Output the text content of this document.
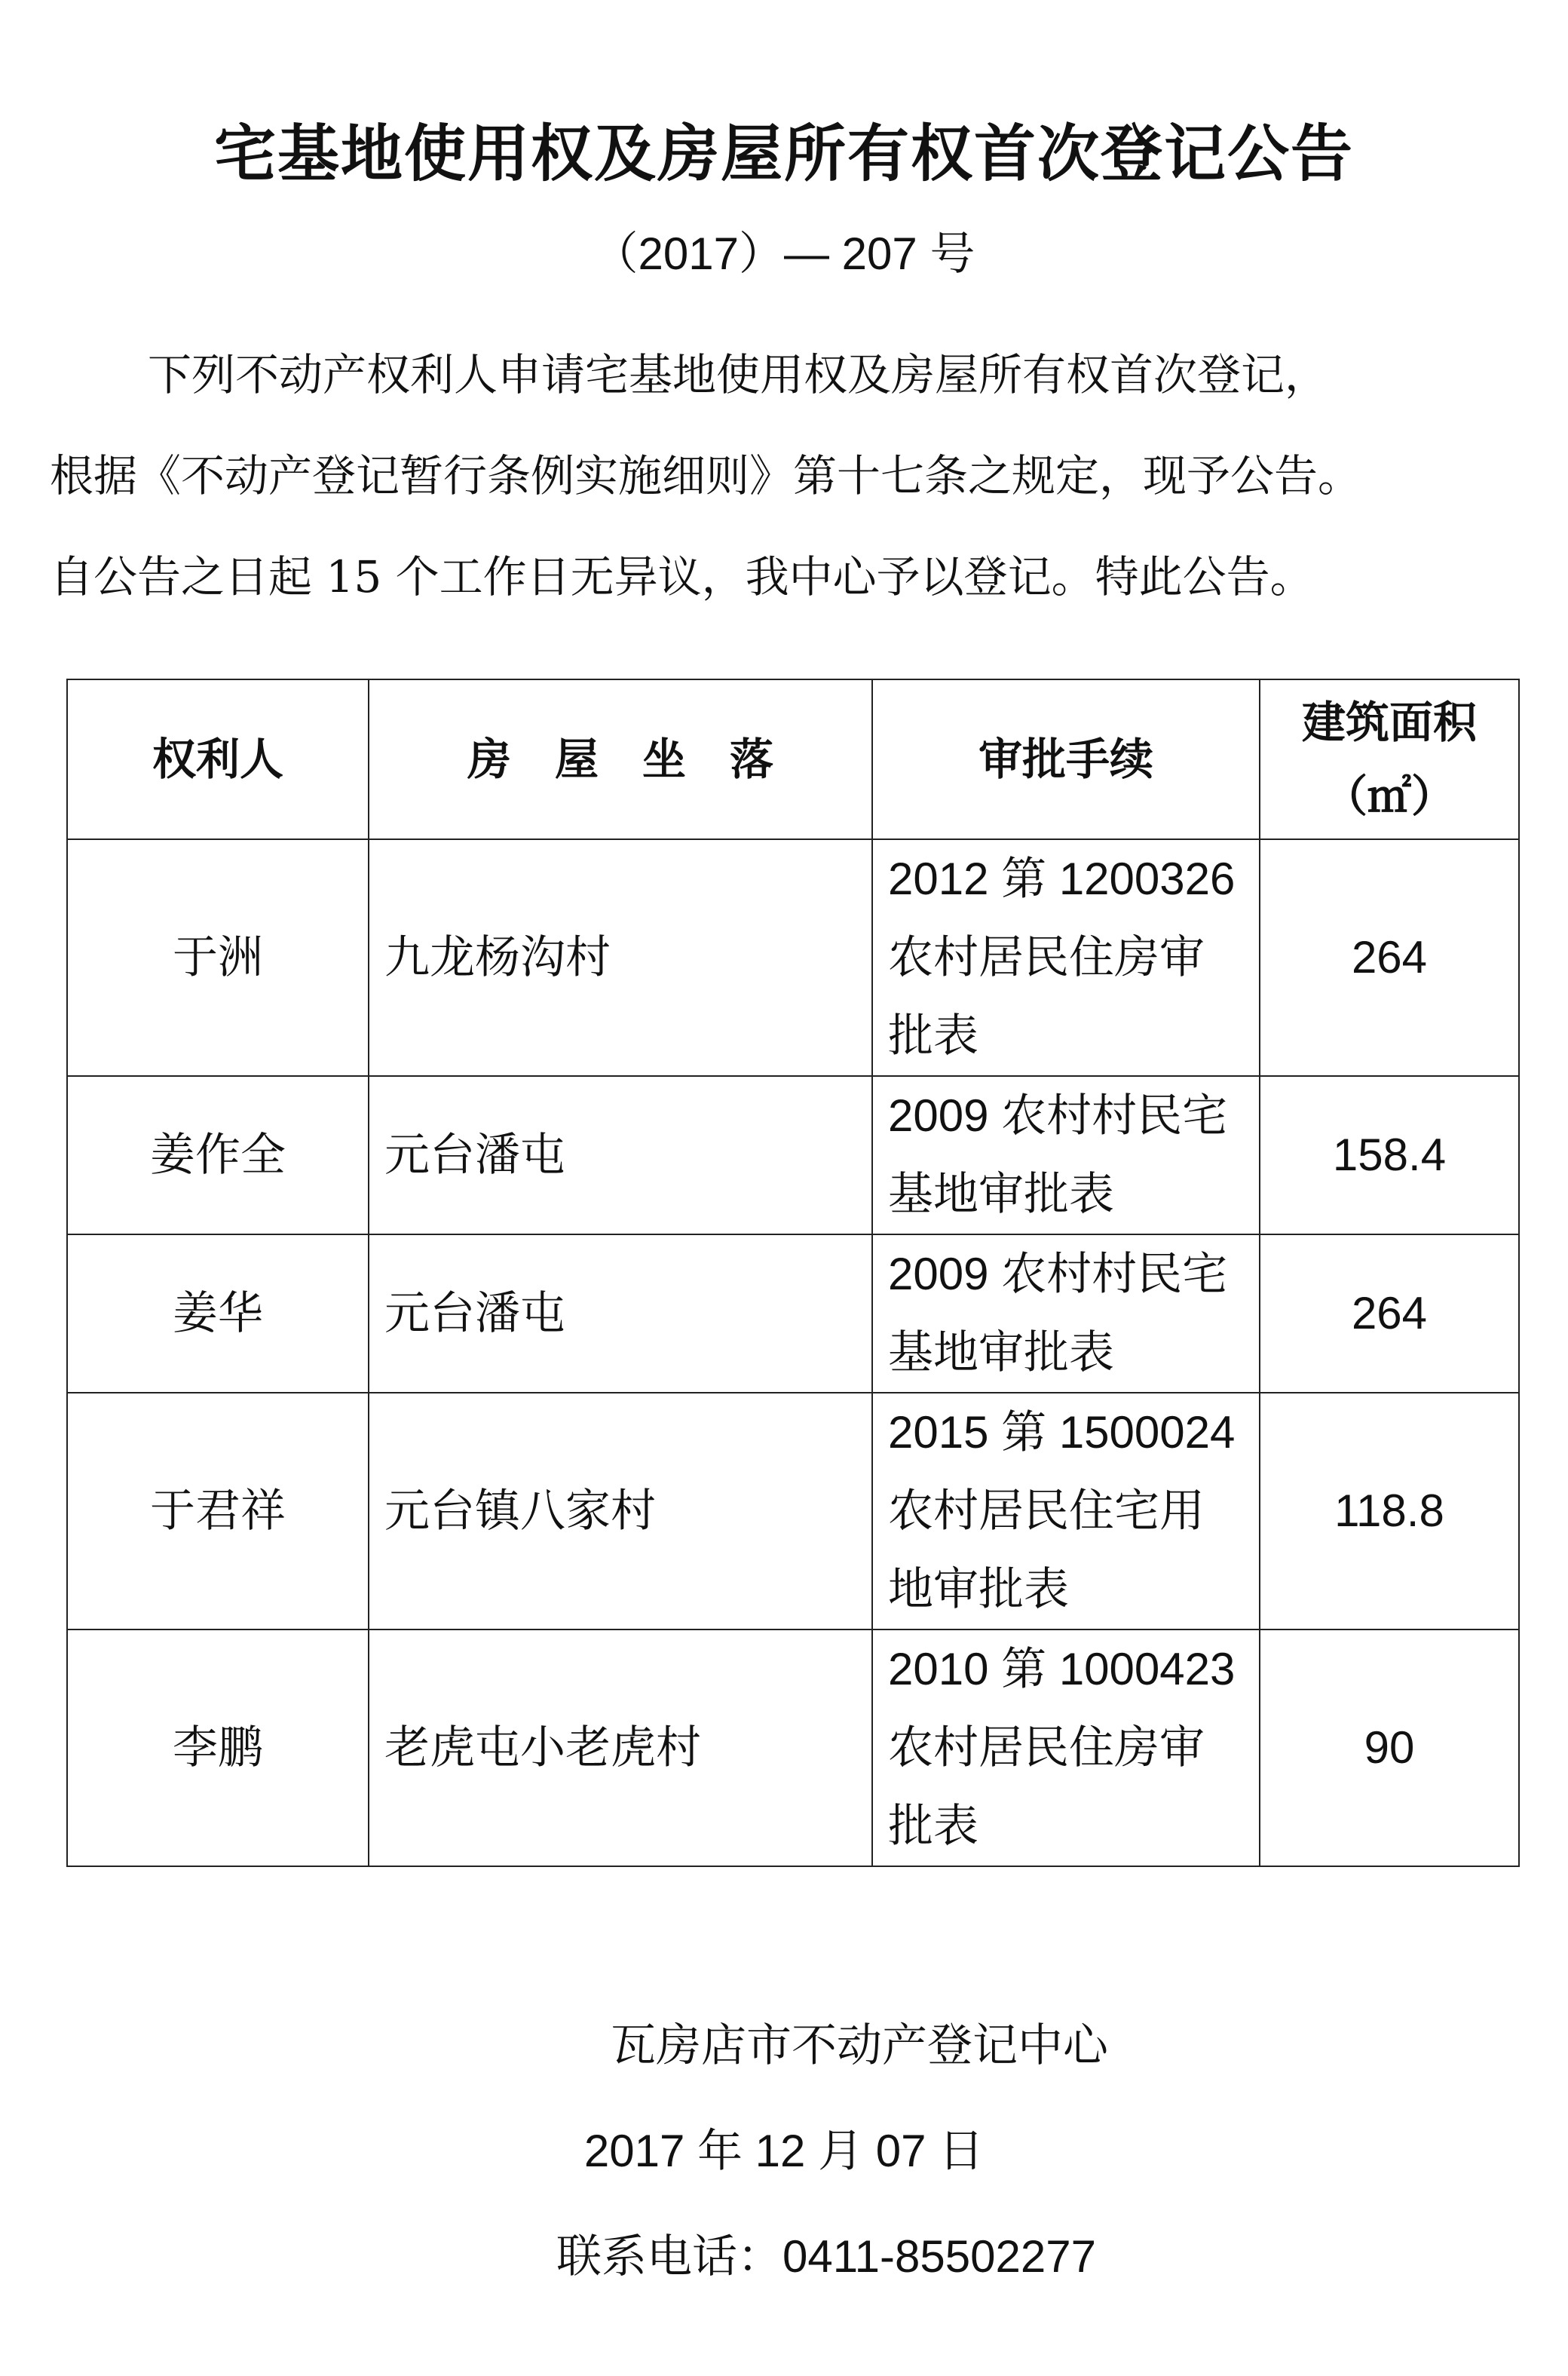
宅基地使用权及房屋所有权首次登记公告
（2017）— 207 号

下列不动产权利人申请宅基地使用权及房屋所有权首次登记，

根据《不动产登记暂行条例实施细则》第十七条之规定，现予公告。

自公告之日起 15 个工作日无异议，我中心予以登记。特此公告。

权利人	房　屋　坐　落	审批手续	建筑面积
（㎡）

于洲	九龙杨沟村	2012 第 1200326 农村居民住房审批表	264
姜作全	元台潘屯	2009 农村村民宅基地审批表	158.4
姜华	元台潘屯	2009 农村村民宅基地审批表	264
于君祥	元台镇八家村	2015 第 1500024 农村居民住宅用地审批表	118.8
李鹏	老虎屯小老虎村	2010 第 1000423 农村居民住房审批表	90
瓦房店市不动产登记中心
2017 年 12 月 07 日
联系电话：0411-85502277
